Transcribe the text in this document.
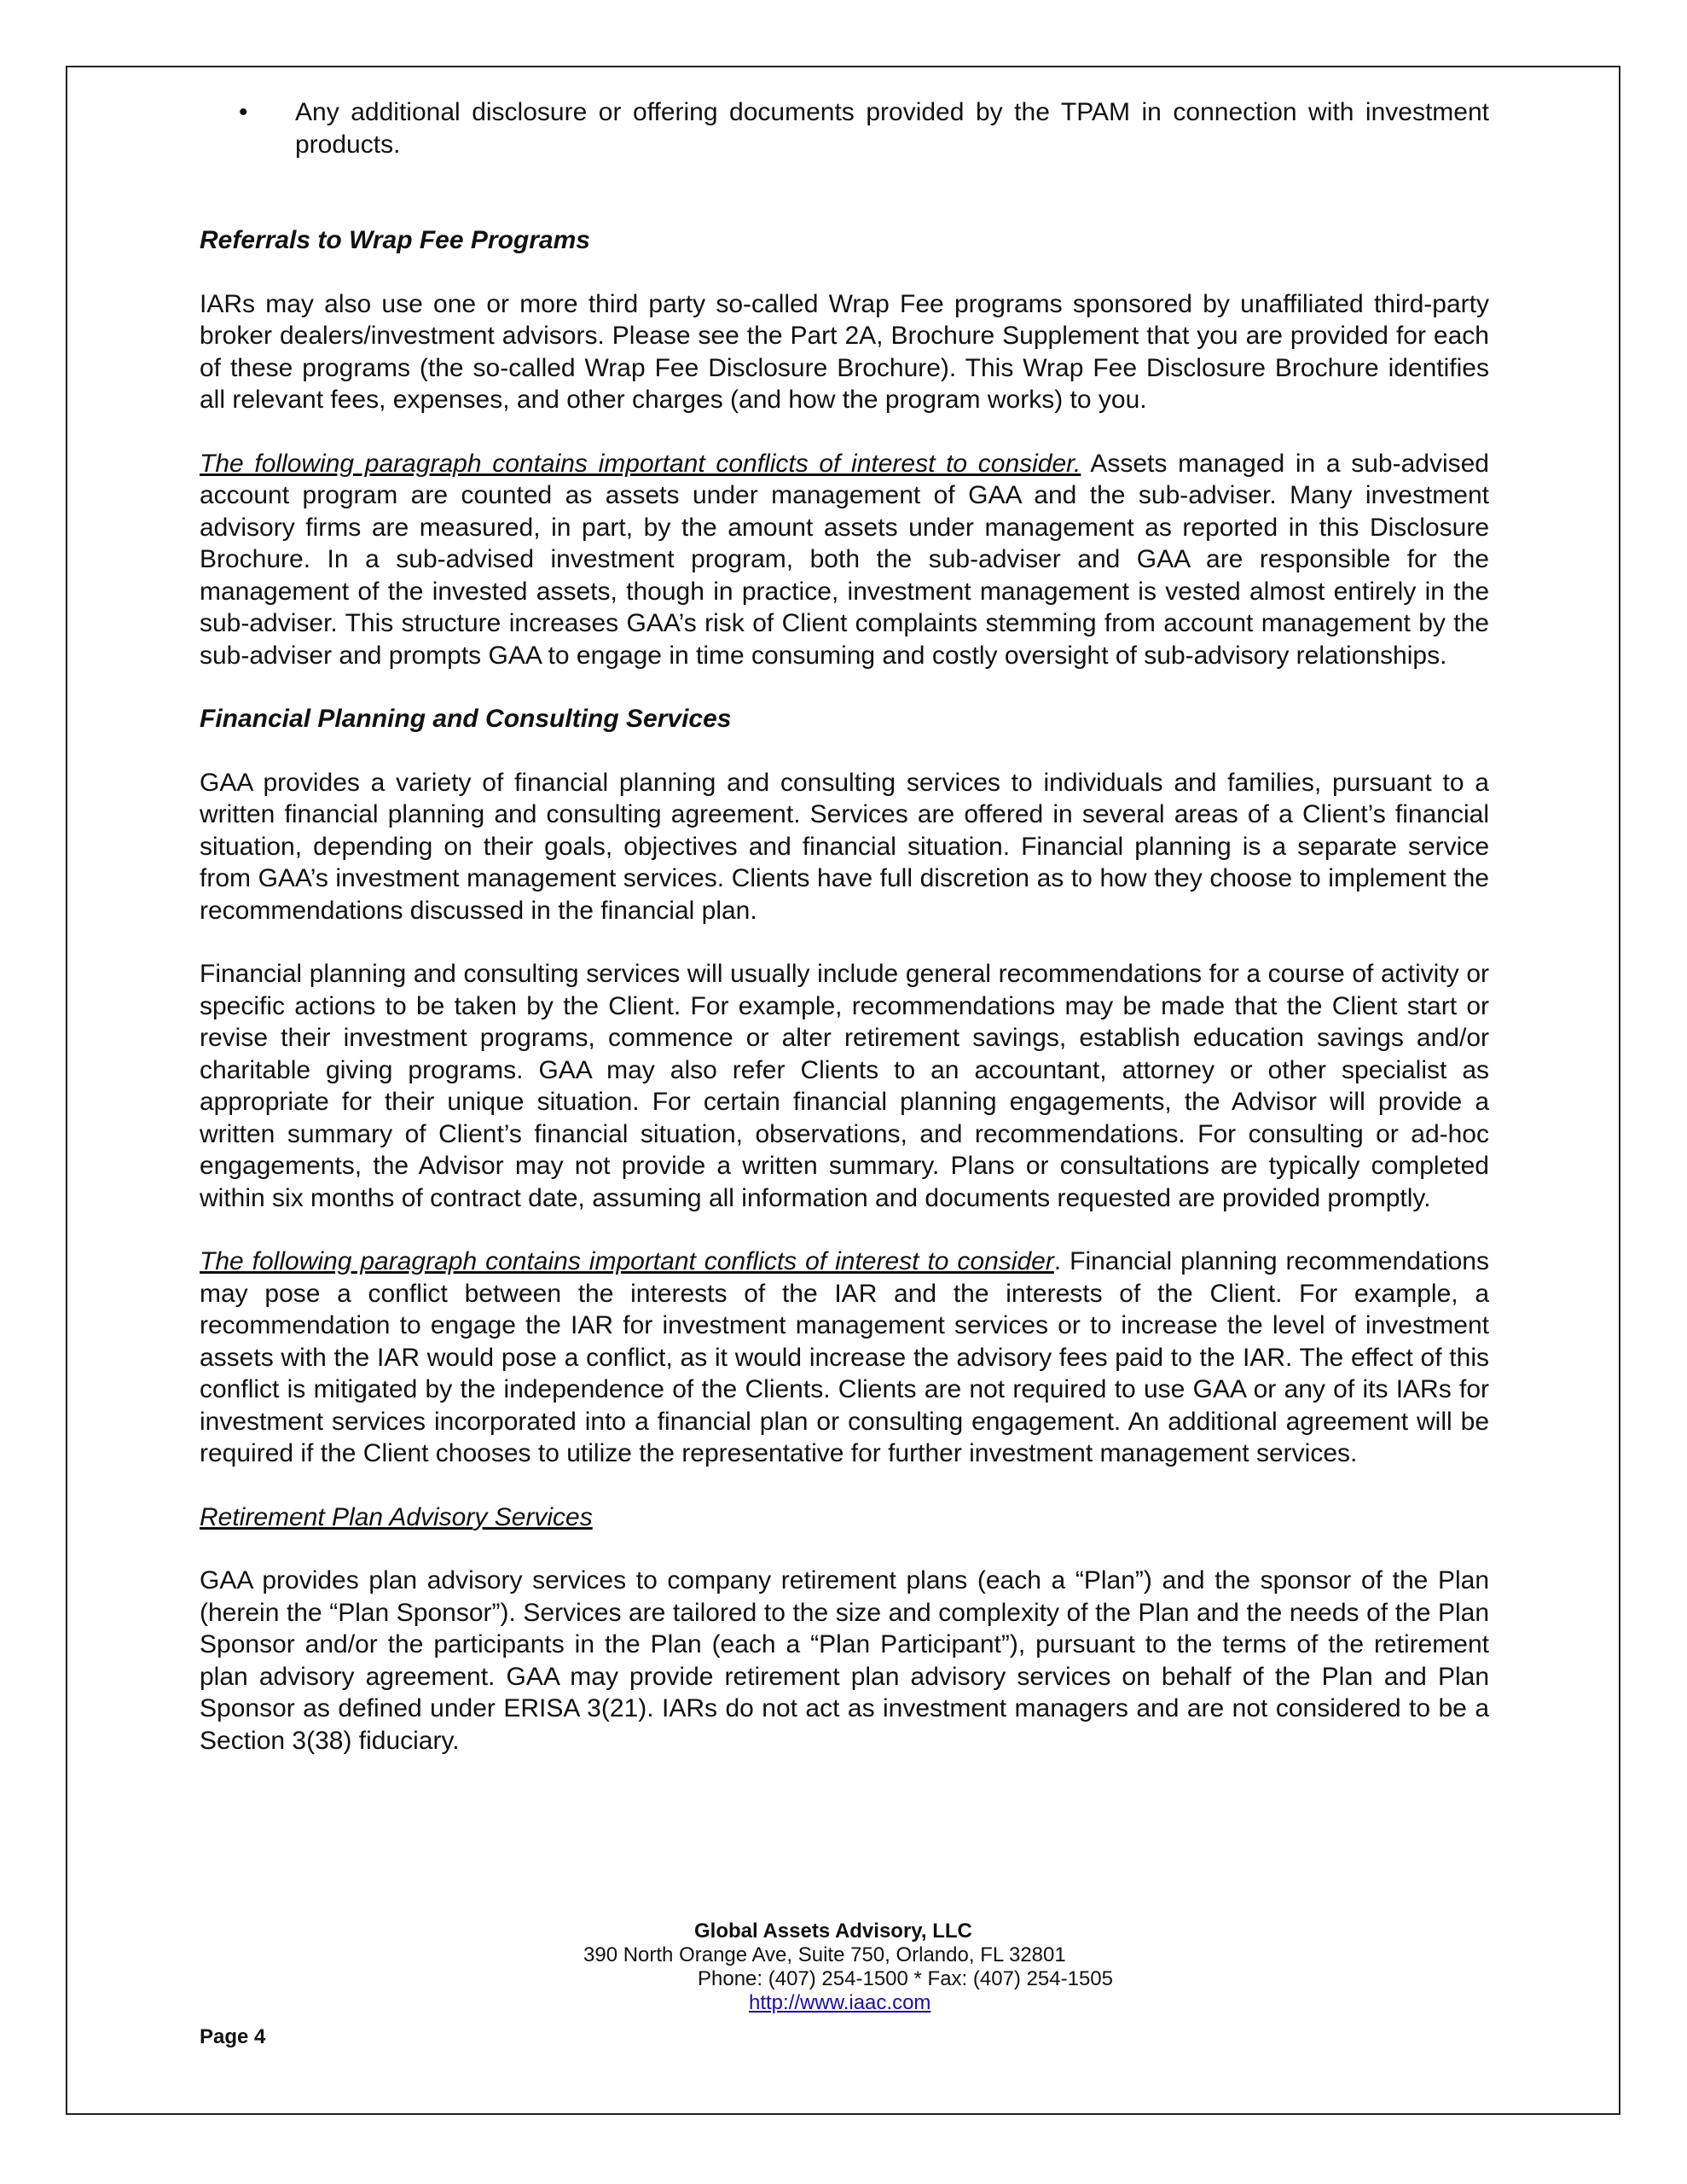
•	Any additional disclosure or offering documents provided by the TPAM in connection with investment products.

Referrals to Wrap Fee Programs

IARs may also use one or more third party so-called Wrap Fee programs sponsored by unaffiliated third-party broker dealers/investment advisors. Please see the Part 2A, Brochure Supplement that you are provided for each of these programs (the so-called Wrap Fee Disclosure Brochure). This Wrap Fee Disclosure Brochure identifies all relevant fees, expenses, and other charges (and how the program works) to you.

The following paragraph contains important conflicts of interest to consider. Assets managed in a sub-advised account program are counted as assets under management of GAA and the sub-adviser. Many investment advisory firms are measured, in part, by the amount assets under management as reported in this Disclosure Brochure. In a sub-advised investment program, both the sub-adviser and GAA are responsible for the management of the invested assets, though in practice, investment management is vested almost entirely in the sub-adviser. This structure increases GAA’s risk of Client complaints stemming from account management by the sub-adviser and prompts GAA to engage in time consuming and costly oversight of sub-advisory relationships.

Financial Planning and Consulting Services

GAA provides a variety of financial planning and consulting services to individuals and families, pursuant to a written financial planning and consulting agreement. Services are offered in several areas of a Client’s financial situation, depending on their goals, objectives and financial situation. Financial planning is a separate service from GAA’s investment management services. Clients have full discretion as to how they choose to implement the recommendations discussed in the financial plan.

Financial planning and consulting services will usually include general recommendations for a course of activity or specific actions to be taken by the Client. For example, recommendations may be made that the Client start or revise their investment programs, commence or alter retirement savings, establish education savings and/or charitable giving programs. GAA may also refer Clients to an accountant, attorney or other specialist as appropriate for their unique situation. For certain financial planning engagements, the Advisor will provide a written summary of Client’s financial situation, observations, and recommendations. For consulting or ad-hoc engagements, the Advisor may not provide a written summary. Plans or consultations are typically completed within six months of contract date, assuming all information and documents requested are provided promptly.

The following paragraph contains important conflicts of interest to consider. Financial planning recommendations may pose a conflict between the interests of the IAR and the interests of the Client. For example, a recommendation to engage the IAR for investment management services or to increase the level of investment assets with the IAR would pose a conflict, as it would increase the advisory fees paid to the IAR. The effect of this conflict is mitigated by the independence of the Clients. Clients are not required to use GAA or any of its IARs for investment services incorporated into a financial plan or consulting engagement. An additional agreement will be required if the Client chooses to utilize the representative for further investment management services.

Retirement Plan Advisory Services

GAA provides plan advisory services to company retirement plans (each a “Plan”) and the sponsor of the Plan (herein the “Plan Sponsor”). Services are tailored to the size and complexity of the Plan and the needs of the Plan Sponsor and/or the participants in the Plan (each a “Plan Participant”), pursuant to the terms of the retirement plan advisory agreement. GAA may provide retirement plan advisory services on behalf of the Plan and Plan Sponsor as defined under ERISA 3(21). IARs do not act as investment managers and are not considered to be a Section 3(38) fiduciary.

Global Assets Advisory, LLC
390 North Orange Ave, Suite 750, Orlando, FL 32801
Phone: (407) 254-1500 * Fax: (407) 254-1505
http://www.iaac.com
Page 4
